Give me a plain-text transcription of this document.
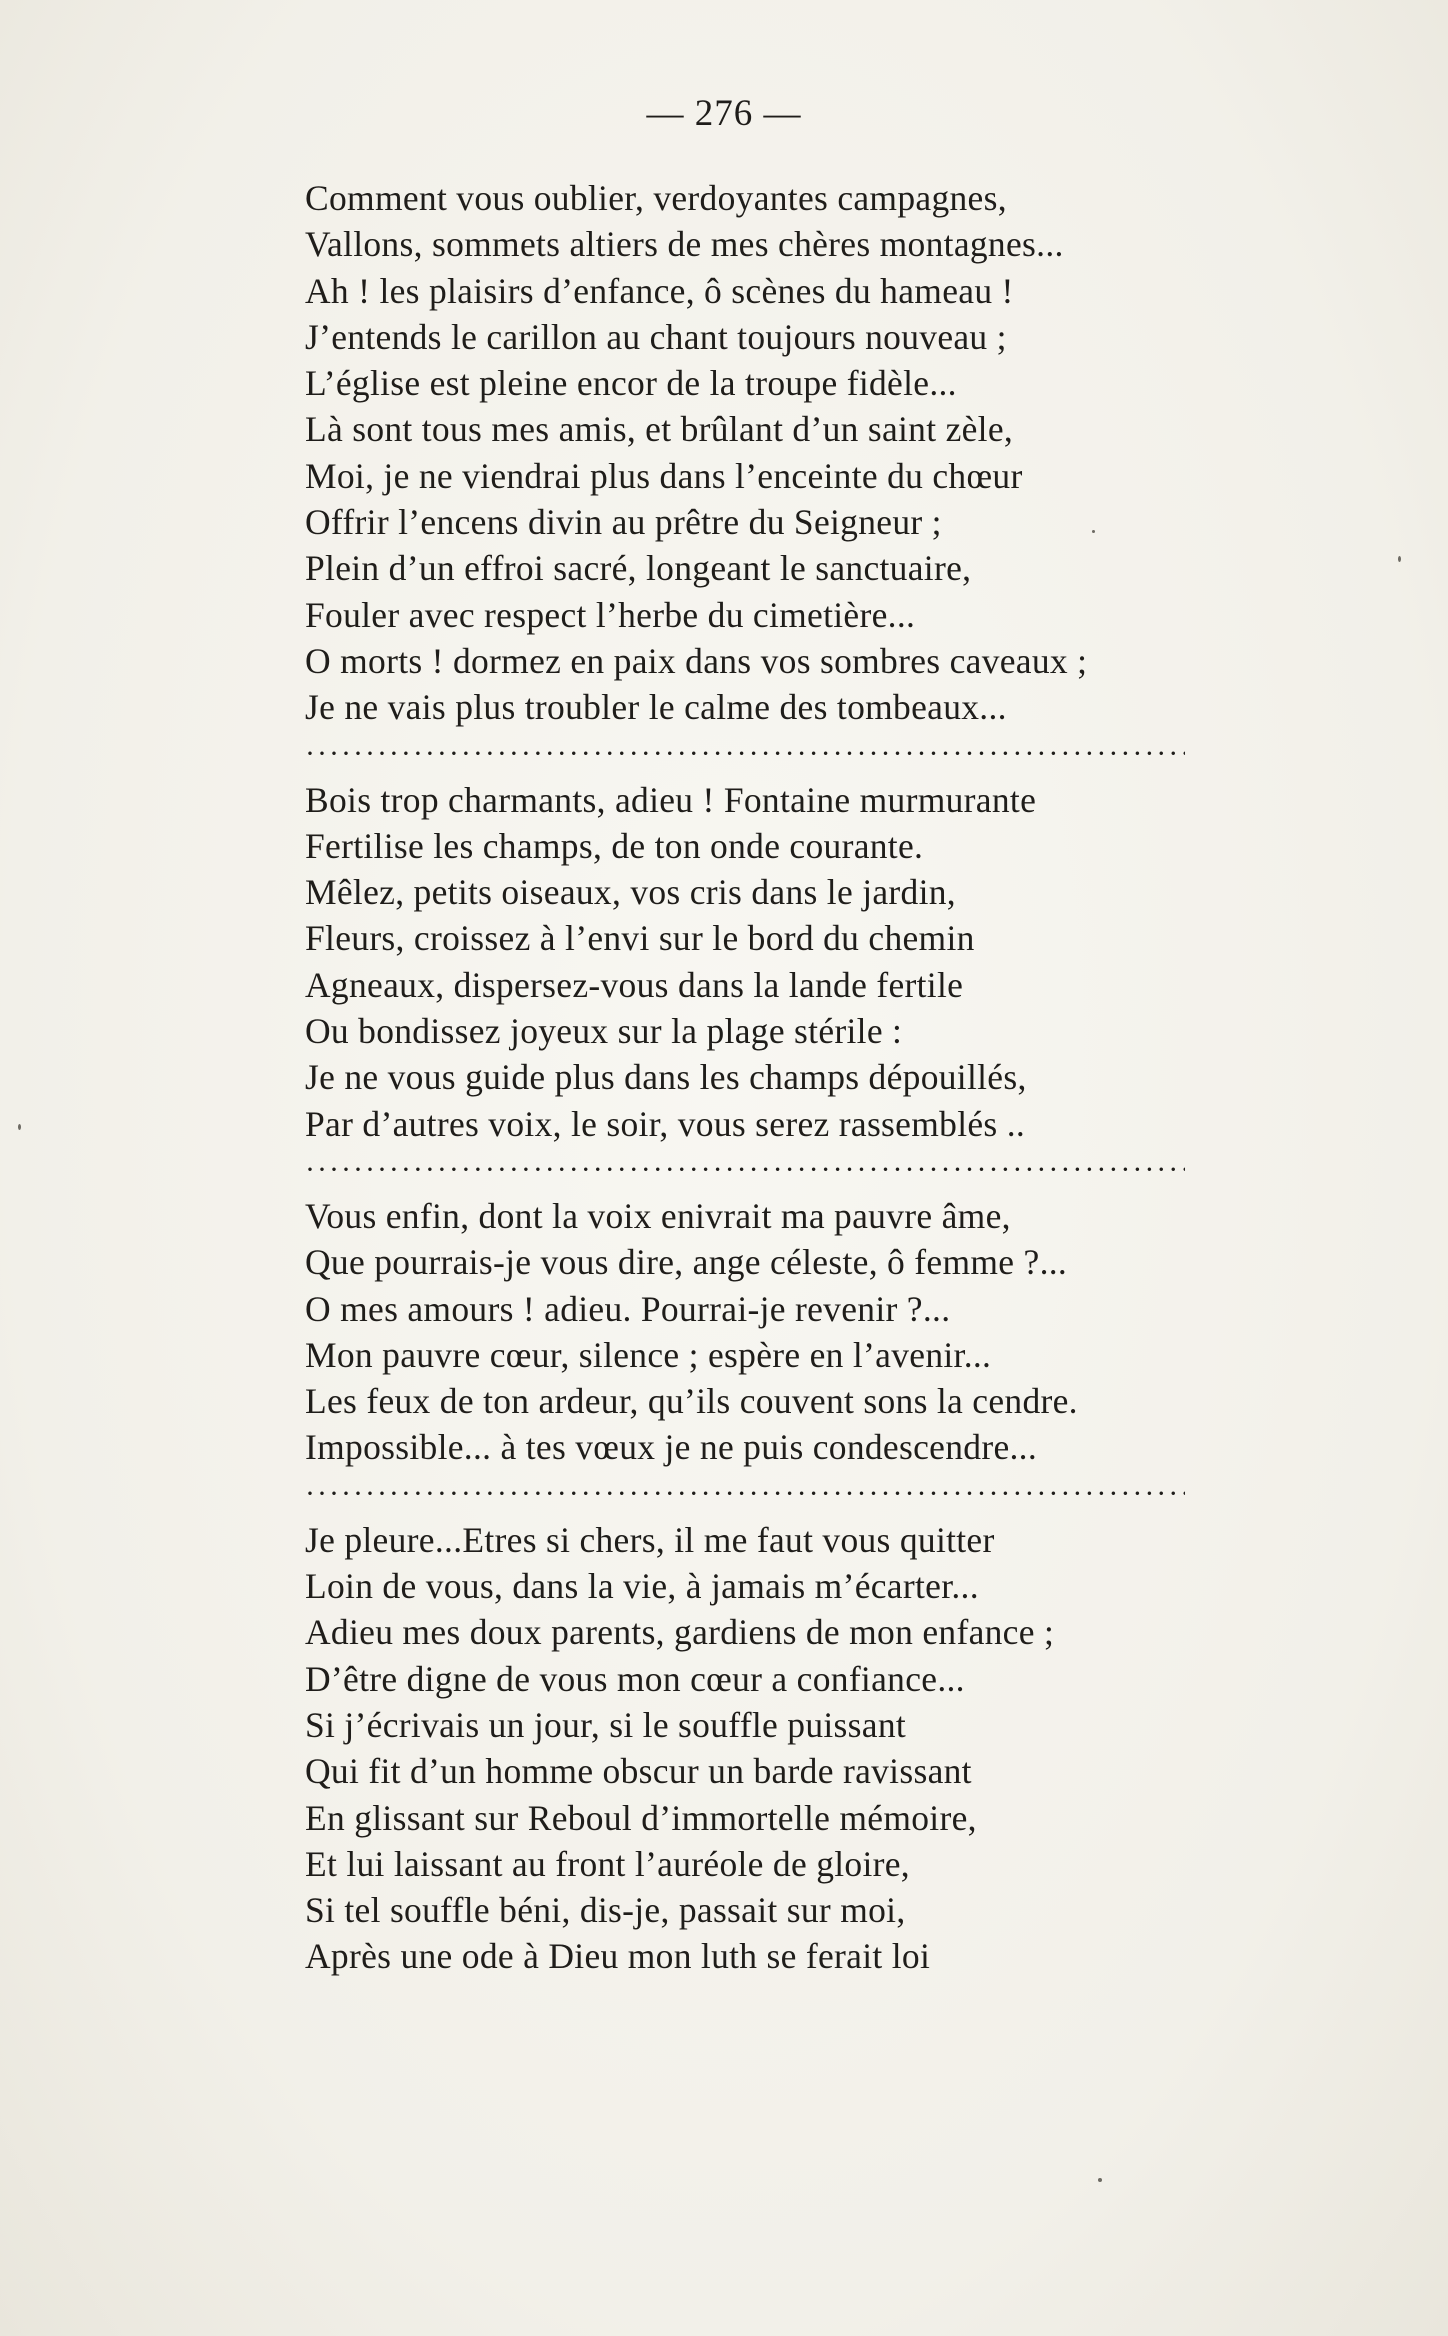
— 276 —
Comment vous oublier, verdoyantes campagnes,
Vallons, sommets altiers de mes chères montagnes...
Ah ! les plaisirs d’enfance, ô scènes du hameau !
J’entends le carillon au chant toujours nouveau ;
L’église est pleine encor de la troupe fidèle...
Là sont tous mes amis, et brûlant d’un saint zèle,
Moi, je ne viendrai plus dans l’enceinte du chœur
Offrir l’encens divin au prêtre du Seigneur ;
Plein d’un effroi sacré, longeant le sanctuaire,
Fouler avec respect l’herbe du cimetière...
O morts ! dormez en paix dans vos sombres caveaux ;
Je ne vais plus troubler le calme des tombeaux...
·····
Bois trop charmants, adieu ! Fontaine murmurante
Fertilise les champs, de ton onde courante.
Mêlez, petits oiseaux, vos cris dans le jardin,
Fleurs, croissez à l’envi sur le bord du chemin
Agneaux, dispersez-vous dans la lande fertile
Ou bondissez joyeux sur la plage stérile :
Je ne vous guide plus dans les champs dépouillés,
Par d’autres voix, le soir, vous serez rassemblés ..
·····
Vous enfin, dont la voix enivrait ma pauvre âme,
Que pourrais-je vous dire, ange céleste, ô femme ?...
O mes amours ! adieu. Pourrai-je revenir ?...
Mon pauvre cœur, silence ; espère en l’avenir...
Les feux de ton ardeur, qu’ils couvent sons la cendre.
Impossible... à tes vœux je ne puis condescendre...
·····
Je pleure...Etres si chers, il me faut vous quitter
Loin de vous, dans la vie, à jamais m’écarter...
Adieu mes doux parents, gardiens de mon enfance ;
D’être digne de vous mon cœur a confiance...
Si j’écrivais un jour, si le souffle puissant
Qui fit d’un homme obscur un barde ravissant
En glissant sur Reboul d’immortelle mémoire,
Et lui laissant au front l’auréole de gloire,
Si tel souffle béni, dis-je, passait sur moi,
Après une ode à Dieu mon luth se ferait loi
